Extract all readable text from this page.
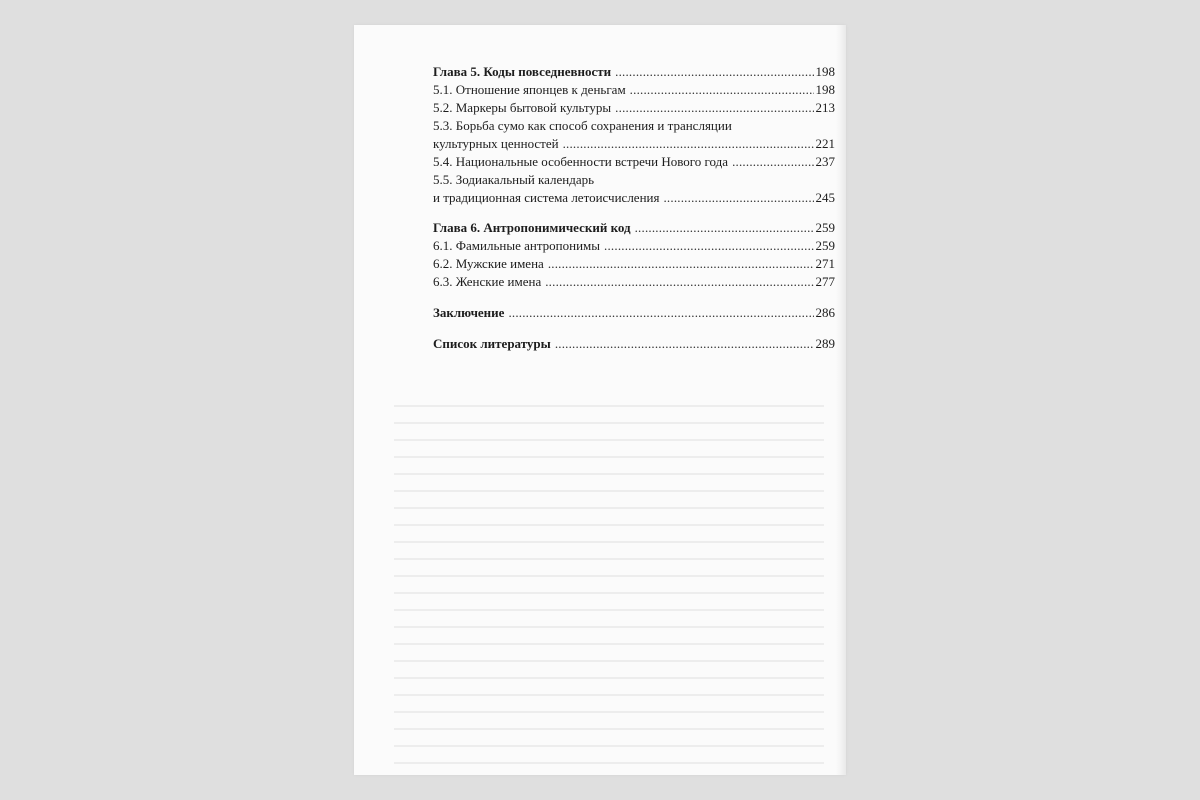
Глава 5. Коды повседневности .....	198
5.1. Отношение японцев к деньгам .....	198
5.2. Маркеры бытовой культуры .....	213
5.3. Борьба сумо как способ сохранения и трансляции
культурных ценностей .....	221
5.4. Национальные особенности встречи Нового года .....	237
5.5. Зодиакальный календарь
и традиционная система летоисчисления .....	245
Глава 6. Антропонимический код .....	259
6.1. Фамильные антропонимы .....	259
6.2. Мужские имена .....	271
6.3. Женские имена .....	277
Заключение .....	286
Список литературы .....	289
